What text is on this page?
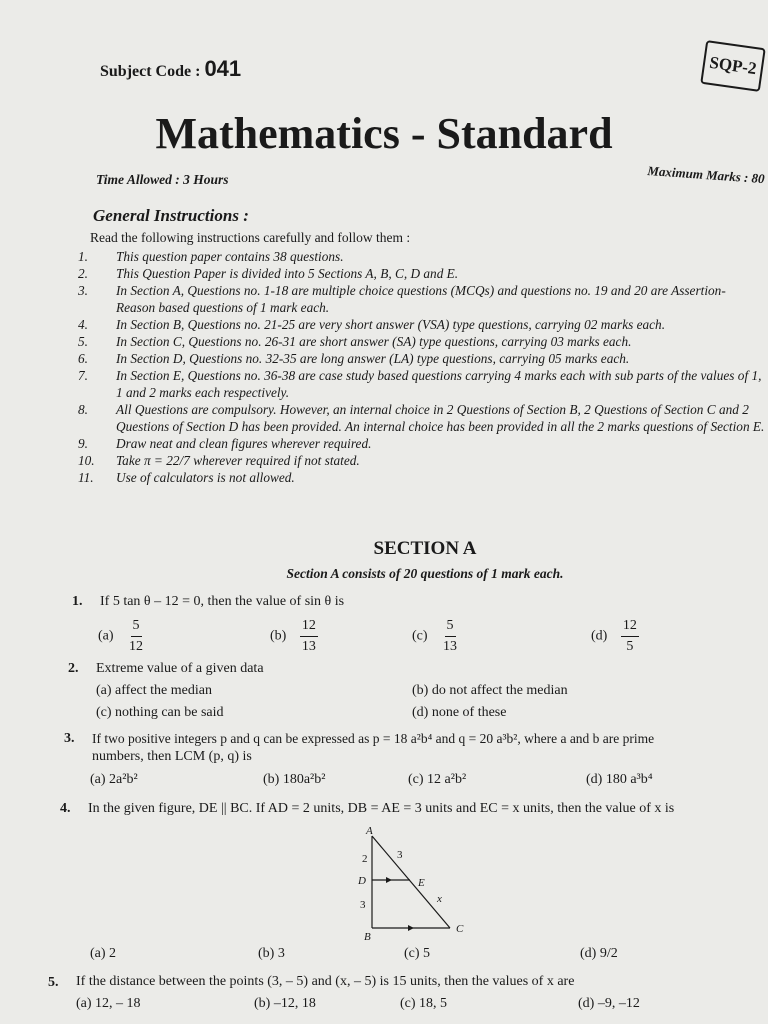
Subject Code : 041	SQP-2
Mathematics - Standard
Time Allowed : 3 Hours	Maximum Marks : 80
General Instructions :
Read the following instructions carefully and follow them :
1.	This question paper contains 38 questions.
2.	This Question Paper is divided into 5 Sections A, B, C, D and E.
3.	In Section A, Questions no. 1-18 are multiple choice questions (MCQs) and questions no. 19 and 20 are Assertion- Reason based questions of 1 mark each.
4.	In Section B, Questions no. 21-25 are very short answer (VSA) type questions, carrying 02 marks each.
5.	In Section C, Questions no. 26-31 are short answer (SA) type questions, carrying 03 marks each.
6.	In Section D, Questions no. 32-35 are long answer (LA) type questions, carrying 05 marks each.
7.	In Section E, Questions no. 36-38 are case study based questions carrying 4 marks each with sub parts of the values of 1, 1 and 2 marks each respectively.
8.	All Questions are compulsory. However, an internal choice in 2 Questions of Section B, 2 Questions of Section C and 2 Questions of Section D has been provided. An internal choice has been provided in all the 2 marks questions of Section E.
9.	Draw neat and clean figures wherever required.
10.	Take π = 22/7 wherever required if not stated.
11.	Use of calculators is not allowed.
SECTION A
Section A consists of 20 questions of 1 mark each.
1. If 5 tan θ – 12 = 0, then the value of sin θ is
$(a) \frac{5}{12}$	$(b) \frac{12}{13}$	$(c) \frac{5}{13}$	$(d) \frac{12}{5}$
2. Extreme value of a given data
(a) affect the median	(b) do not affect the median
(c) nothing can be said	(d) none of these
3. If two positive integers p and q can be expressed as p = 18 a²b⁴ and q = 20 a³b², where a and b are prime
numbers, then LCM (p, q) is
(a) 2a²b²	(b) 180a²b²	(c) 12 a²b²	(d) 180 a³b⁴
4. In the given figure, DE || BC. If AD = 2 units, DB = AE = 3 units and EC = x units, then the value of x is
A
B
C
D	E
2
3
3
x
(a) 2	(b) 3	(c) 5	(d) 9/2
5. If the distance between the points (3, – 5) and (x, – 5) is 15 units, then the values of x are
(a) 12, – 18	(b) –12, 18	(c) 18, 5	(d) –9, –12
